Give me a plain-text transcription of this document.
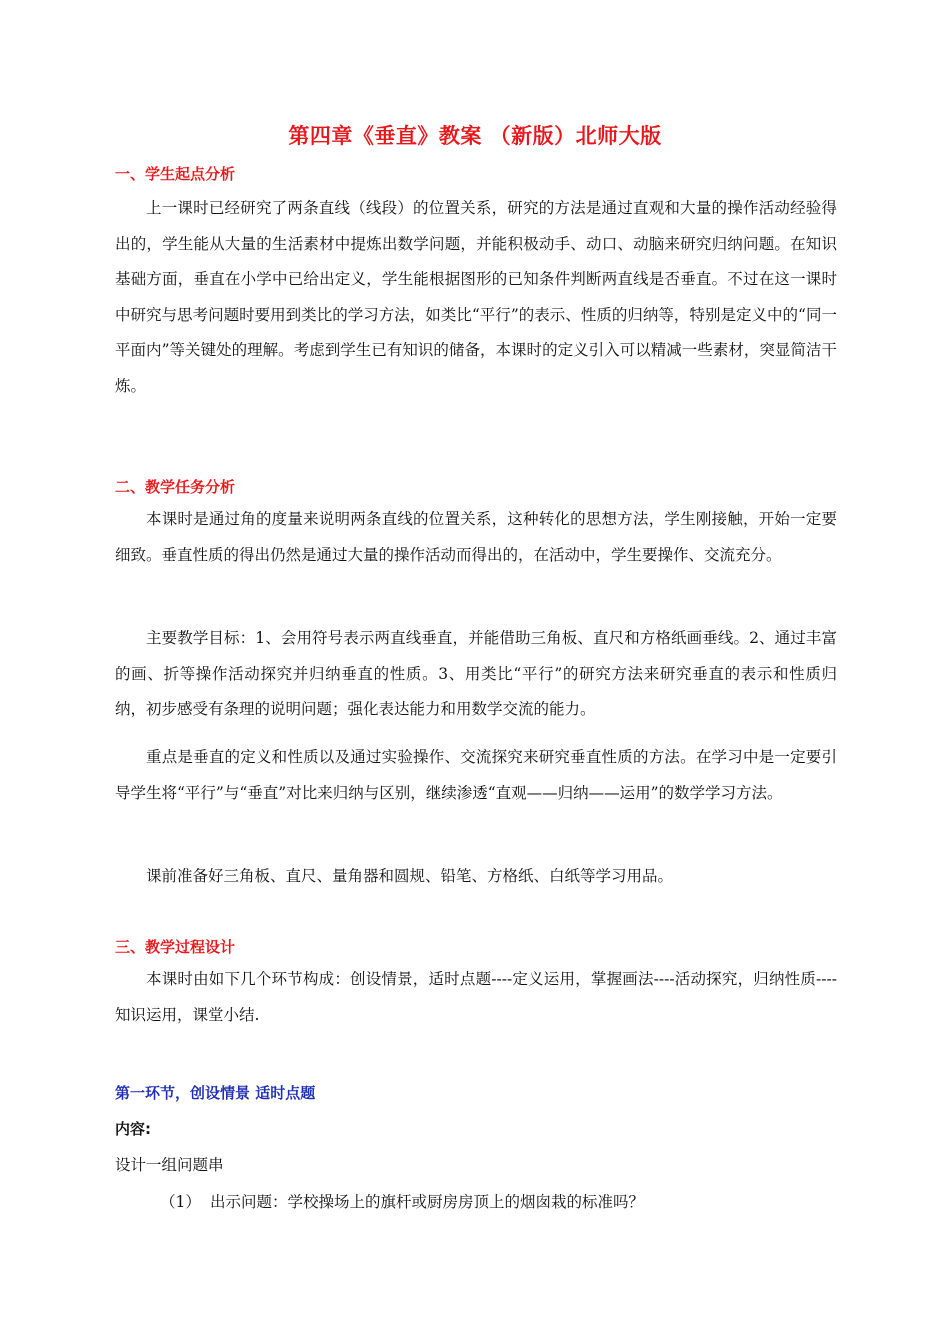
第四章《垂直》教案 （新版）北师大版
一、学生起点分析

上一课时已经研究了两条直线（线段）的位置关系，研究的方法是通过直观和大量的操作活动经验得出的，学生能从大量的生活素材中提炼出数学问题，并能积极动手、动口、动脑来研究归纳问题。在知识基础方面，垂直在小学中已给出定义，学生能根据图形的已知条件判断两直线是否垂直。不过在这一课时中研究与思考问题时要用到类比的学习方法，如类比“平行”的表示、性质的归纳等，特别是定义中的“同一平面内”等关键处的理解。考虑到学生已有知识的储备，本课时的定义引入可以精减一些素材，突显简洁干炼。

二、教学任务分析

本课时是通过角的度量来说明两条直线的位置关系，这种转化的思想方法，学生刚接触，开始一定要细致。垂直性质的得出仍然是通过大量的操作活动而得出的，在活动中，学生要操作、交流充分。

主要教学目标：1、会用符号表示两直线垂直，并能借助三角板、直尺和方格纸画垂线。2、通过丰富的画、折等操作活动探究并归纳垂直的性质。3、用类比“平行”的研究方法来研究垂直的表示和性质归纳，初步感受有条理的说明问题；强化表达能力和用数学交流的能力。

重点是垂直的定义和性质以及通过实验操作、交流探究来研究垂直性质的方法。在学习中是一定要引导学生将“平行”与“垂直”对比来归纳与区别，继续渗透“直观——归纳——运用”的数学学习方法。

课前准备好三角板、直尺、量角器和圆规、铅笔、方格纸、白纸等学习用品。

三、教学过程设计

本课时由如下几个环节构成：创设情景，适时点题----定义运用，掌握画法----活动探究，归纳性质----知识运用，课堂小结.

第一环节，创设情景 适时点题
内容:

设计一组问题串

（1） 出示问题：学校操场上的旗杆或厨房房顶上的烟囱栽的标准吗？
